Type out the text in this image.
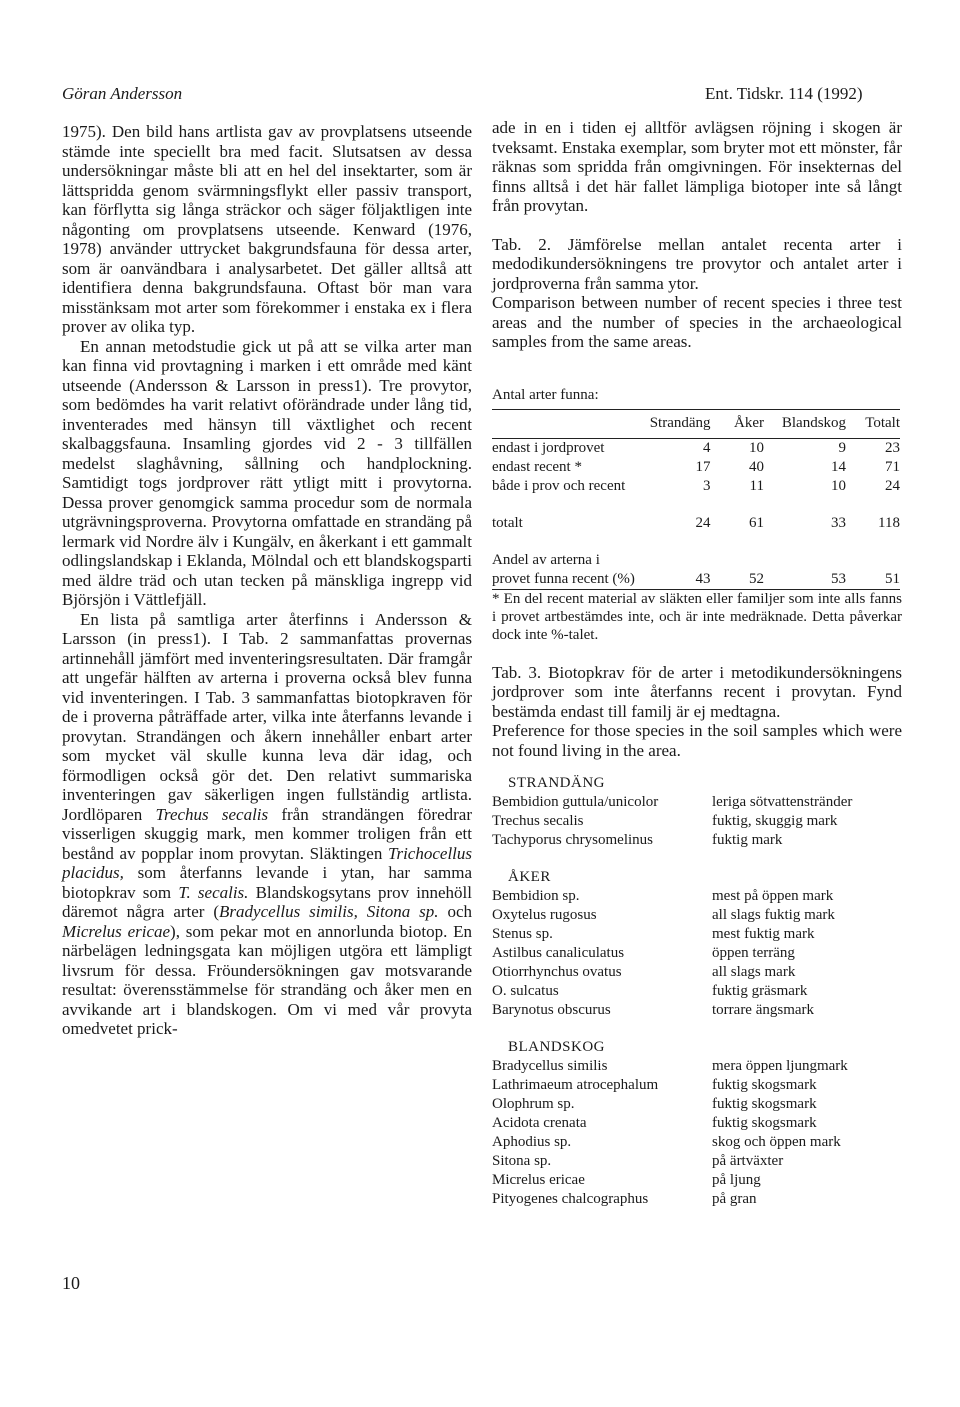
Göran Andersson	Ent. Tidskr. 114 (1992)

1975). Den bild hans artlista gav av provplatsens utseende stämde inte speciellt bra med facit. Slutsatsen av dessa undersökningar måste bli att en hel del insektarter, som är lättspridda genom svärmningsflykt eller passiv transport, kan förflytta sig långa sträckor och säger följaktligen inte någonting om provplatsens utseende. Kenward (1976, 1978) använder uttrycket bakgrundsfauna för dessa arter, som är oanvändbara i analysarbetet. Det gäller alltså att identifiera denna bakgrundsfauna. Oftast bör man vara misstänksam mot arter som förekommer i enstaka ex i flera prover av olika typ.

En annan metodstudie gick ut på att se vilka arter man kan finna vid provtagning i marken i ett område med känt utseende (Andersson & Larsson in press1). Tre provytor, som bedömdes ha varit relativt oförändrade under lång tid, inventerades med hänsyn till växtlighet och recent skalbaggsfauna. Insamling gjordes vid 2 - 3 tillfällen medelst slaghåvning, sållning och handplockning. Samtidigt togs jordprover rätt ytligt mitt i provytorna. Dessa prover genomgick samma procedur som de normala utgrävningsproverna. Provytorna omfattade en strandäng på lermark vid Nordre älv i Kungälv, en åkerkant i ett gammalt odlingslandskap i Eklanda, Mölndal och ett blandskogsparti med äldre träd och utan tecken på mänskliga ingrepp vid Björsjön i Vättlefjäll.

En lista på samtliga arter återfinns i Andersson & Larsson (in press1). I Tab. 2 sammanfattas provernas artinnehåll jämfört med inventeringsresultaten. Där framgår att ungefär hälften av arterna i proverna också blev funna vid inventeringen. I Tab. 3 sammanfattas biotopkraven för de i proverna påträffade arter, vilka inte återfanns levande i provytan. Strandängen och åkern innehåller enbart arter som mycket väl skulle kunna leva där idag, och förmodligen också gör det. Den relativt summariska inventeringen gav säkerligen ingen fullständig artlista. Jordlöparen Trechus secalis från strandängen föredrar visserligen skuggig mark, men kommer troligen från ett bestånd av popplar inom provytan. Släktingen Trichocellus placidus, som återfanns levande i ytan, har samma biotopkrav som T. secalis. Blandskogsytans prov innehöll däremot några arter (Bradycellus similis, Sitona sp. och Micrelus ericae), som pekar mot en annorlunda biotop. En närbelägen ledningsgata kan möjligen utgöra ett lämpligt livsrum för dessa. Fröundersökningen gav motsvarande resultat: överensstämmelse för strandäng och åker men en avvikande art i blandskogen. Om vi med vår provyta omedvetet prick-

ade in en i tiden ej alltför avlägsen röjning i skogen är tveksamt. Enstaka exemplar, som bryter mot ett mönster, får räknas som spridda från omgivningen. För insekternas del finns alltså i det här fallet lämpliga biotoper inte så långt från provytan.

Tab. 2. Jämförelse mellan antalet recenta arter i medodikundersökningens tre provytor och antalet arter i jordproverna från samma ytor.

Comparison between number of recent species i three test areas and the number of species in the archaeological samples from the same areas.

Antal arter funna:
	Strandäng	Åker	Blandskog	Totalt
endast i jordprovet	4	10	9	23
endast recent *	17	40	14	71
både i prov och recent	3	11	10	24

totalt	24	61	33	118

Andel av arterna i				
provet funna recent (%)	43	52	53	51

* En del recent material av släkten eller familjer som inte alls fanns i provet artbestämdes inte, och är inte medräknade. Detta påverkar dock inte %-talet.

Tab. 3. Biotopkrav för de arter i metodikundersökningens jordprover som inte återfanns recent i provytan. Fynd bestämda endast till familj är ej medtagna.

Preference for those species in the soil samples which were not found living in the area.

STRANDÄNG
Bembidion guttula/unicolor	leriga sötvattenstränder
Trechus secalis	fuktig, skuggig mark
Tachyporus chrysomelinus	fuktig mark
ÅKER
Bembidion sp.	mest på öppen mark
Oxytelus rugosus	all slags fuktig mark
Stenus sp.	mest fuktig mark
Astilbus canaliculatus	öppen terräng
Otiorrhynchus ovatus	all slags mark
O. sulcatus	fuktig gräsmark
Barynotus obscurus	torrare ängsmark
BLANDSKOG
Bradycellus similis	mera öppen ljungmark
Lathrimaeum atrocephalum	fuktig skogsmark
Olophrum sp.	fuktig skogsmark
Acidota crenata	fuktig skogsmark
Aphodius sp.	skog och öppen mark
Sitona sp.	på ärtväxter
Micrelus ericae	på ljung
Pityogenes chalcographus	på gran
10
